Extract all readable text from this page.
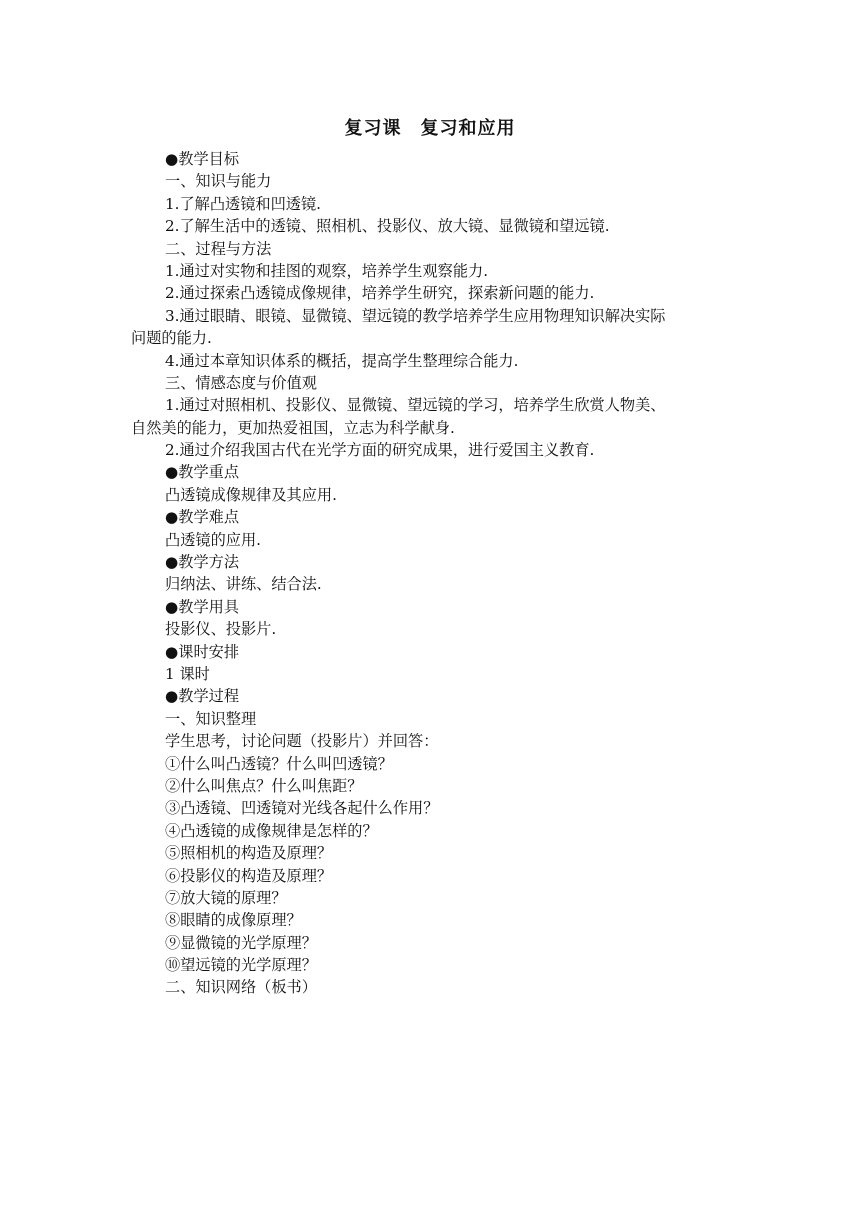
复习课　复习和应用
●教学目标
一、知识与能力
1.了解凸透镜和凹透镜.
2.了解生活中的透镜、照相机、投影仪、放大镜、显微镜和望远镜.
二、过程与方法
1.通过对实物和挂图的观察，培养学生观察能力.
2.通过探索凸透镜成像规律，培养学生研究，探索新问题的能力.
3.通过眼睛、眼镜、显微镜、望远镜的教学培养学生应用物理知识解决实际
问题的能力.
4.通过本章知识体系的概括，提高学生整理综合能力.
三、情感态度与价值观
1.通过对照相机、投影仪、显微镜、望远镜的学习，培养学生欣赏人物美、
自然美的能力，更加热爱祖国，立志为科学献身.
2.通过介绍我国古代在光学方面的研究成果，进行爱国主义教育.
●教学重点
凸透镜成像规律及其应用.
●教学难点
凸透镜的应用.
●教学方法
归纳法、讲练、结合法.
●教学用具
投影仪、投影片.
●课时安排
1 课时
●教学过程
一、知识整理
学生思考，讨论问题（投影片）并回答：
①什么叫凸透镜？什么叫凹透镜？
②什么叫焦点？什么叫焦距？
③凸透镜、凹透镜对光线各起什么作用？
④凸透镜的成像规律是怎样的？
⑤照相机的构造及原理？
⑥投影仪的构造及原理？
⑦放大镜的原理？
⑧眼睛的成像原理？
⑨显微镜的光学原理？
⑩望远镜的光学原理？
二、知识网络（板书）
